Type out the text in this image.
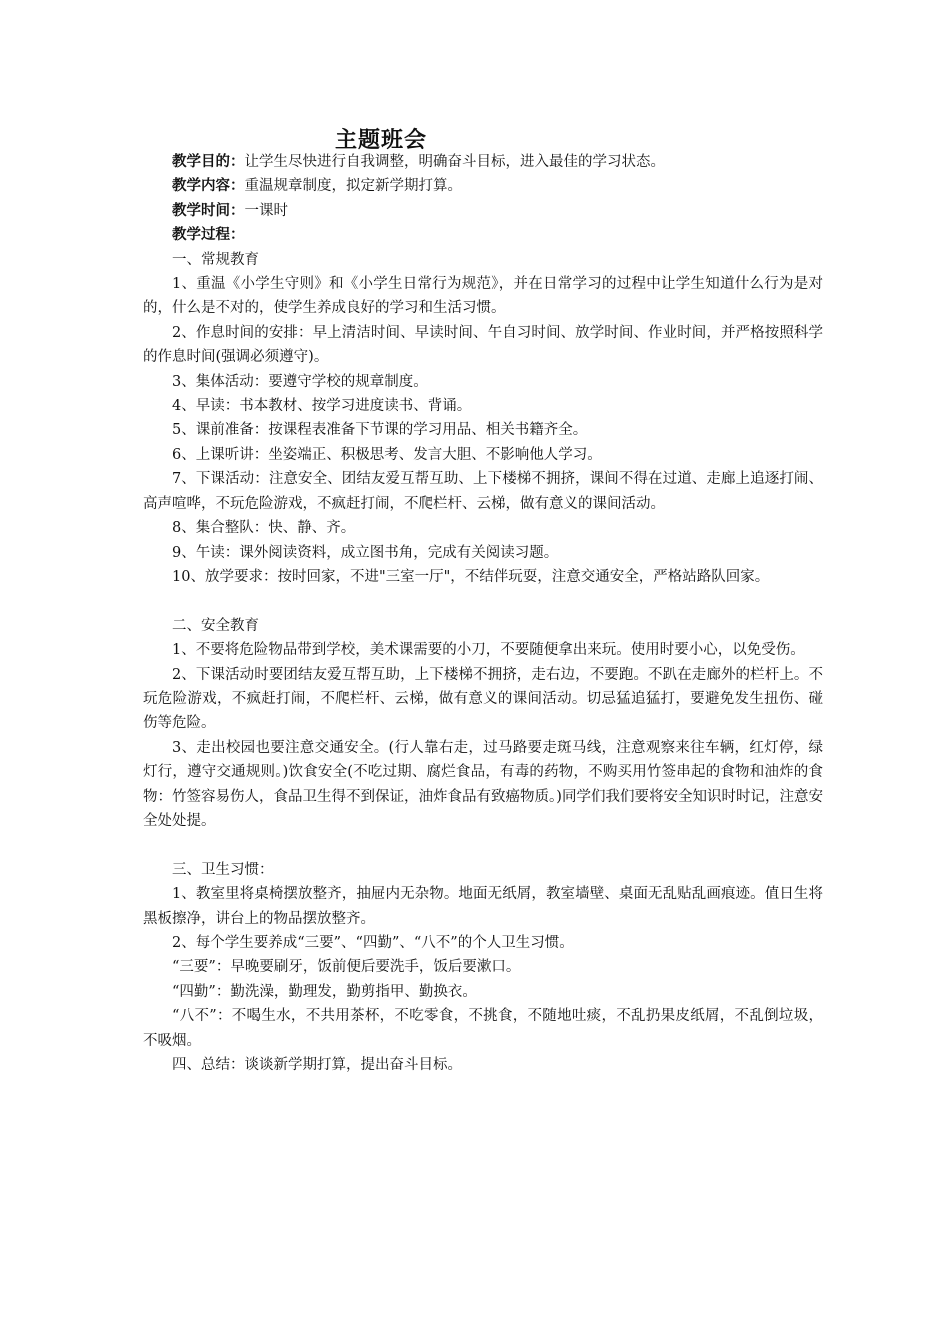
主题班会

教学目的：让学生尽快进行自我调整，明确奋斗目标，进入最佳的学习状态。

教学内容：重温规章制度，拟定新学期打算。

教学时间：一课时

教学过程：

一、常规教育

1、重温《小学生守则》和《小学生日常行为规范》，并在日常学习的过程中让学生知道什么行为是对的，什么是不对的，使学生养成良好的学习和生活习惯。

2、作息时间的安排：早上清洁时间、早读时间、午自习时间、放学时间、作业时间，并严格按照科学的作息时间(强调必须遵守)。

3、集体活动：要遵守学校的规章制度。

4、早读：书本教材、按学习进度读书、背诵。

5、课前准备：按课程表准备下节课的学习用品、相关书籍齐全。

6、上课听讲：坐姿端正、积极思考、发言大胆、不影响他人学习。

7、下课活动：注意安全、团结友爱互帮互助、上下楼梯不拥挤，课间不得在过道、走廊上追逐打闹、高声喧哗，不玩危险游戏，不疯赶打闹，不爬栏杆、云梯，做有意义的课间活动。

8、集合整队：快、静、齐。

9、午读：课外阅读资料，成立图书角，完成有关阅读习题。

10、放学要求：按时回家，不进"三室一厅"，不结伴玩耍，注意交通安全，严格站路队回家。

二、安全教育

1、不要将危险物品带到学校，美术课需要的小刀，不要随便拿出来玩。使用时要小心，以免受伤。

2、下课活动时要团结友爱互帮互助，上下楼梯不拥挤，走右边，不要跑。不趴在走廊外的栏杆上。不玩危险游戏，不疯赶打闹，不爬栏杆、云梯，做有意义的课间活动。切忌猛追猛打，要避免发生扭伤、碰伤等危险。

3、走出校园也要注意交通安全。(行人靠右走，过马路要走斑马线，注意观察来往车辆，红灯停，绿灯行，遵守交通规则。)饮食安全(不吃过期、腐烂食品，有毒的药物，不购买用竹签串起的食物和油炸的食物：竹签容易伤人，食品卫生得不到保证，油炸食品有致癌物质。)同学们我们要将安全知识时时记，注意安全处处提。

三、卫生习惯：

1、教室里将桌椅摆放整齐，抽屉内无杂物。地面无纸屑，教室墙壁、桌面无乱贴乱画痕迹。值日生将黑板擦净，讲台上的物品摆放整齐。

2、每个学生要养成“三要”、“四勤”、“八不”的个人卫生习惯。

“三要”：早晚要刷牙，饭前便后要洗手，饭后要漱口。

“四勤”：勤洗澡，勤理发，勤剪指甲、勤换衣。

“八不”：不喝生水，不共用茶杯，不吃零食，不挑食，不随地吐痰，不乱扔果皮纸屑，不乱倒垃圾，不吸烟。

四、总结：谈谈新学期打算，提出奋斗目标。
